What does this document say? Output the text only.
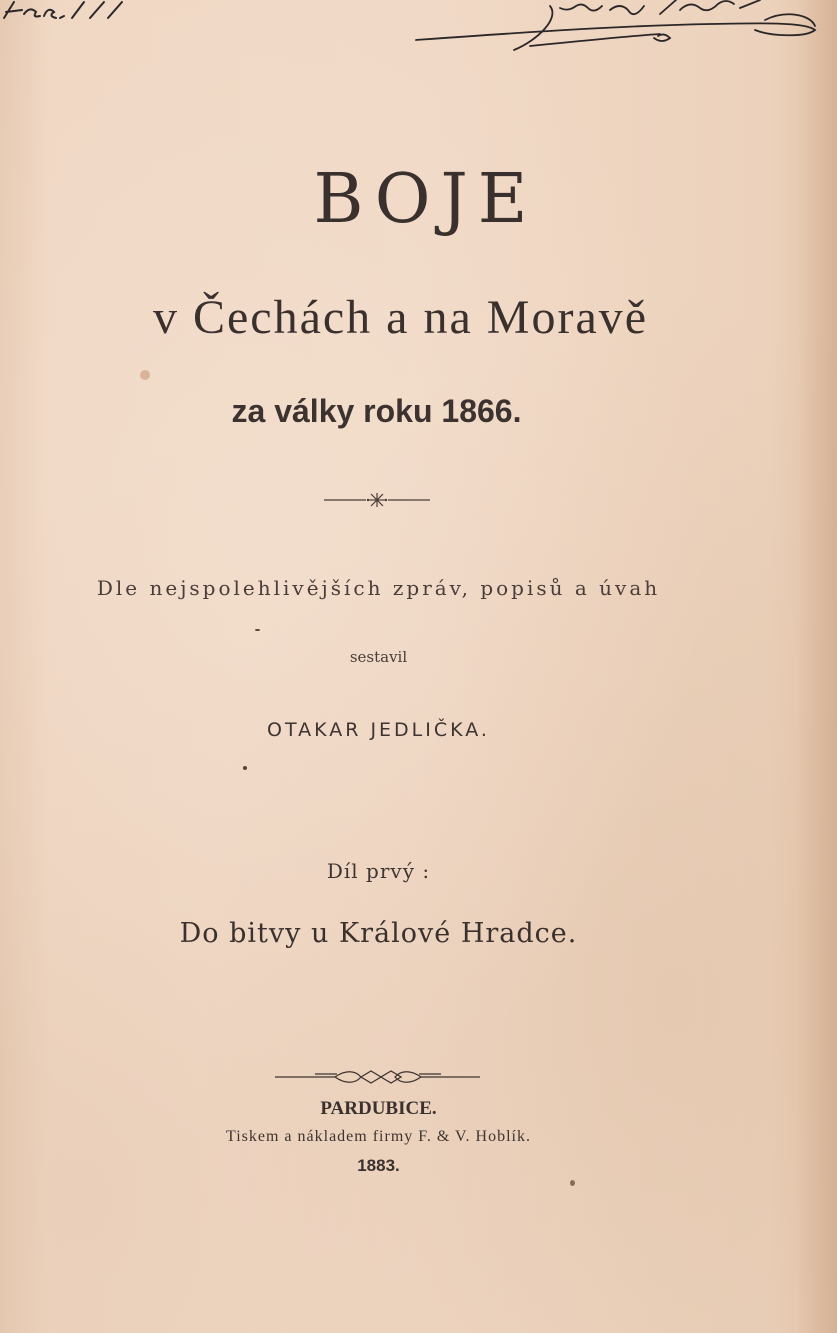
BOJE
v Čechách a na Moravě
za války roku 1866.
Dle nejspolehlivějších zpráv, popisů a úvah
sestavil
OTAKAR JEDLIČKA.
Díl prvý :
Do bitvy u Králové Hradce.
PARDUBICE.
Tiskem a nákladem firmy F. & V. Hoblík.
1883.
